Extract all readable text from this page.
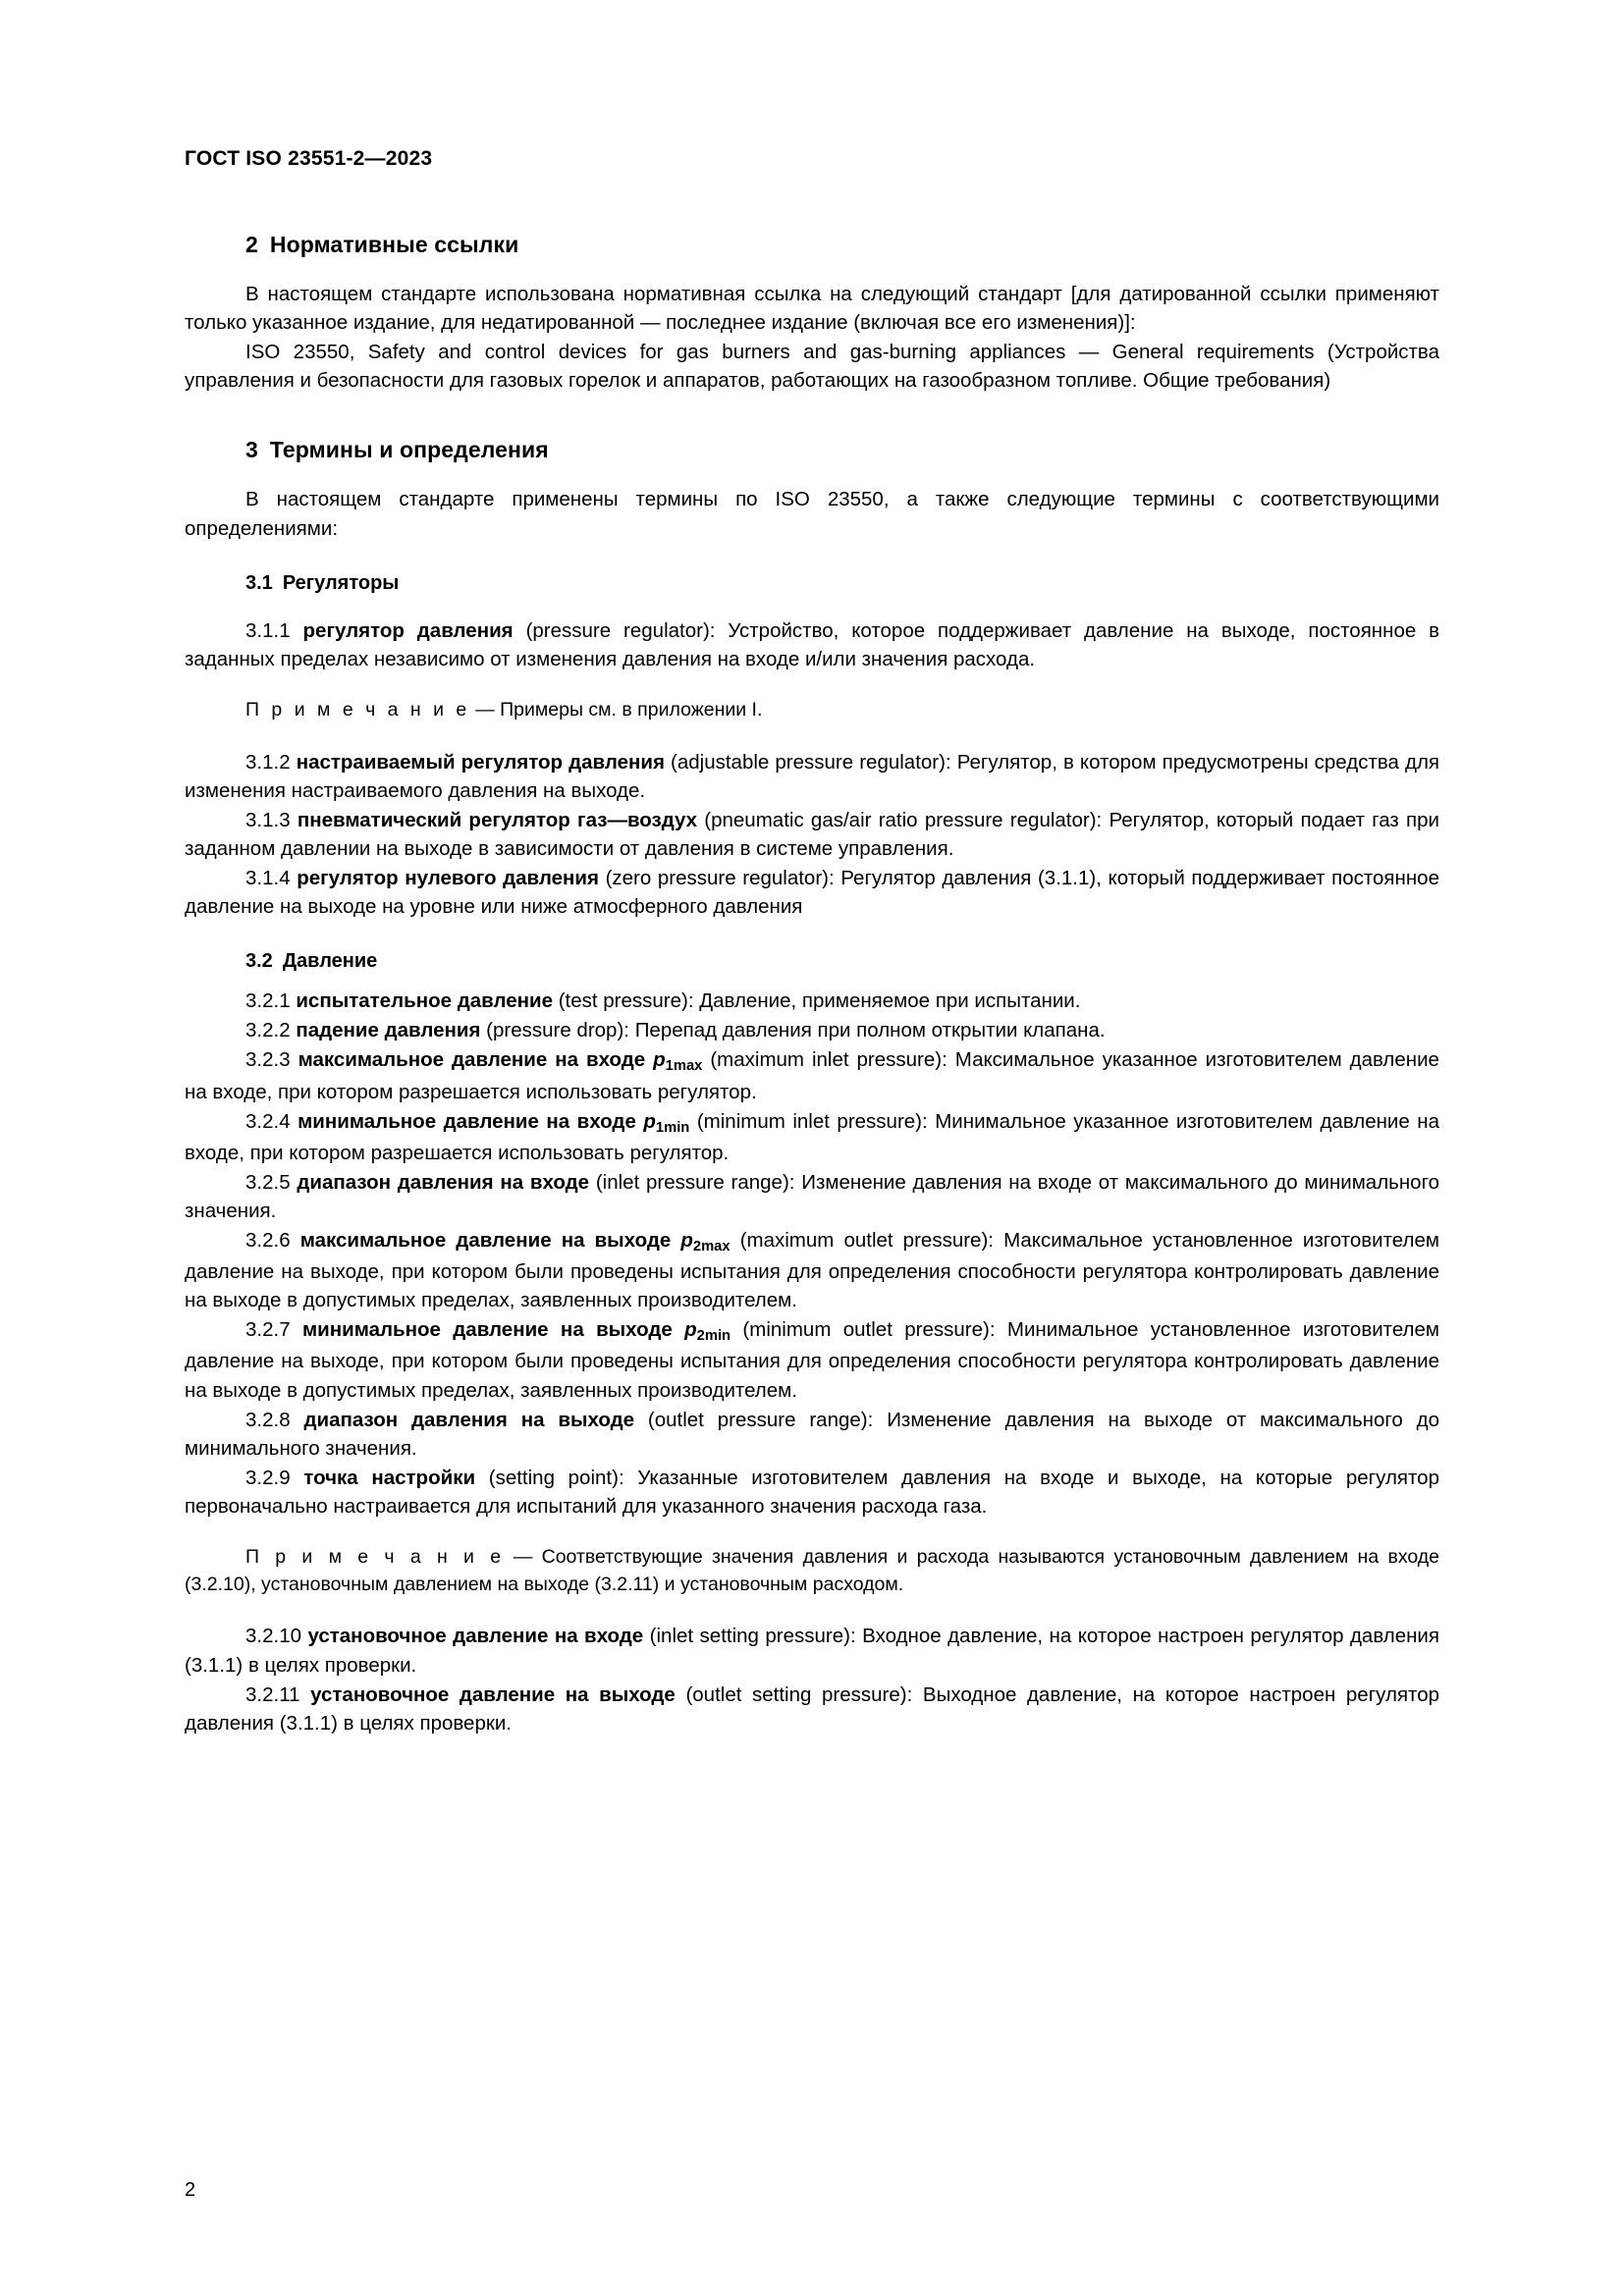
ГОСТ ISO 23551-2—2023
2 Нормативные ссылки

В настоящем стандарте использована нормативная ссылка на следующий стандарт [для датированной ссылки применяют только указанное издание, для недатированной — последнее издание (включая все его изменения)]:

ISO 23550, Safety and control devices for gas burners and gas-burning appliances — General requirements (Устройства управления и безопасности для газовых горелок и аппаратов, работающих на газообразном топливе. Общие требования)

3 Термины и определения

В настоящем стандарте применены термины по ISO 23550, а также следующие термины с соответствующими определениями:

3.1 Регуляторы

3.1.1 регулятор давления (pressure regulator): Устройство, которое поддерживает давление на выходе, постоянное в заданных пределах независимо от изменения давления на входе и/или значения расхода.

П р и м е ч а н и е — Примеры см. в приложении I.

3.1.2 настраиваемый регулятор давления (adjustable pressure regulator): Регулятор, в котором предусмотрены средства для изменения настраиваемого давления на выходе.

3.1.3 пневматический регулятор газ—воздух (pneumatic gas/air ratio pressure regulator): Регулятор, который подает газ при заданном давлении на выходе в зависимости от давления в системе управления.

3.1.4 регулятор нулевого давления (zero pressure regulator): Регулятор давления (3.1.1), который поддерживает постоянное давление на выходе на уровне или ниже атмосферного давления

3.2 Давление

3.2.1 испытательное давление (test pressure): Давление, применяемое при испытании.

3.2.2 падение давления (pressure drop): Перепад давления при полном открытии клапана.

3.2.3 максимальное давление на входе $p_{1max}$ (maximum inlet pressure): Максимальное указанное изготовителем давление на входе, при котором разрешается использовать регулятор.

3.2.4 минимальное давление на входе $p_{1min}$ (minimum inlet pressure): Минимальное указанное изготовителем давление на входе, при котором разрешается использовать регулятор.

3.2.5 диапазон давления на входе (inlet pressure range): Изменение давления на входе от максимального до минимального значения.

3.2.6 максимальное давление на выходе $p_{2max}$ (maximum outlet pressure): Максимальное установленное изготовителем давление на выходе, при котором были проведены испытания для определения способности регулятора контролировать давление на выходе в допустимых пределах, заявленных производителем.

3.2.7 минимальное давление на выходе $p_{2min}$ (minimum outlet pressure): Минимальное установленное изготовителем давление на выходе, при котором были проведены испытания для определения способности регулятора контролировать давление на выходе в допустимых пределах, заявленных производителем.

3.2.8 диапазон давления на выходе (outlet pressure range): Изменение давления на выходе от максимального до минимального значения.

3.2.9 точка настройки (setting point): Указанные изготовителем давления на входе и выходе, на которые регулятор первоначально настраивается для испытаний для указанного значения расхода газа.

П р и м е ч а н и е — Соответствующие значения давления и расхода называются установочным давлением на входе (3.2.10), установочным давлением на выходе (3.2.11) и установочным расходом.

3.2.10 установочное давление на входе (inlet setting pressure): Входное давление, на которое настроен регулятор давления (3.1.1) в целях проверки.

3.2.11 установочное давление на выходе (outlet setting pressure): Выходное давление, на которое настроен регулятор давления (3.1.1) в целях проверки.

2
